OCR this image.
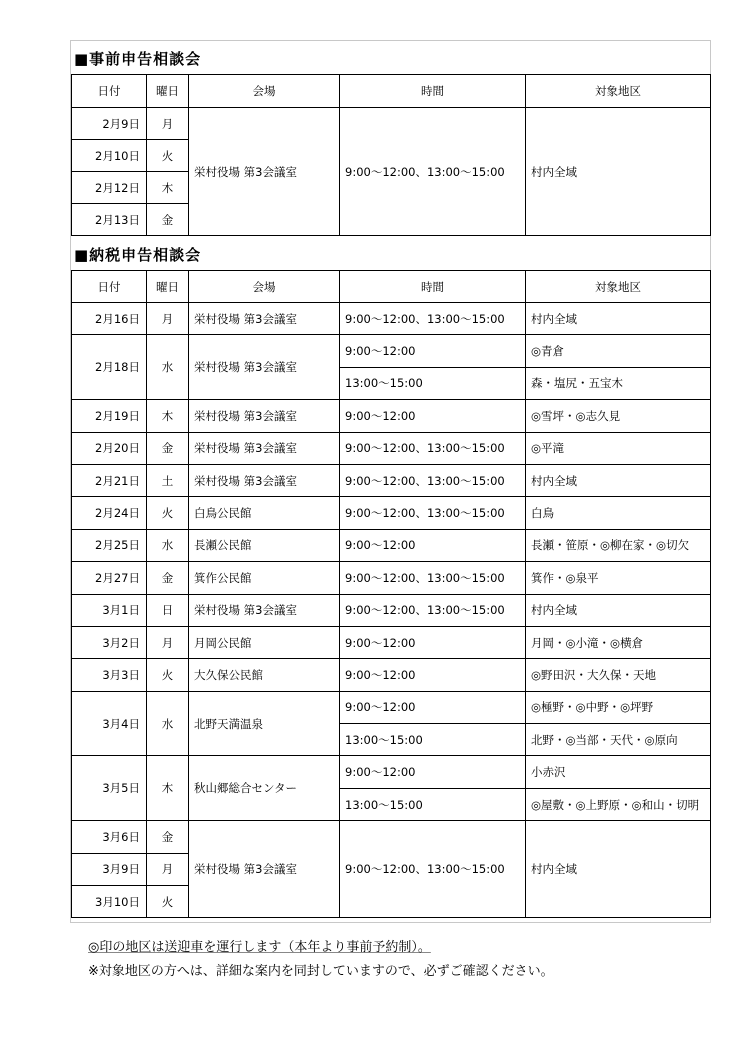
■事前申告相談会
日付	曜日	会場	時間	対象地区
2月9日	月	栄村役場 第3会議室	9:00～12:00、13:00～15:00	村内全域
2月10日	火			
2月12日	木			
2月13日	金			
■納税申告相談会
日付	曜日	会場	時間	対象地区
2月16日	月	栄村役場 第3会議室	9:00～12:00、13:00～15:00	村内全域
2月18日	水	栄村役場 第3会議室	9:00～12:00	◎青倉
			13:00～15:00	森・塩尻・五宝木
2月19日	木	栄村役場 第3会議室	9:00～12:00	◎雪坪・◎志久見
2月20日	金	栄村役場 第3会議室	9:00～12:00、13:00～15:00	◎平滝
2月21日	土	栄村役場 第3会議室	9:00～12:00、13:00～15:00	村内全域
2月24日	火	白鳥公民館	9:00～12:00、13:00～15:00	白鳥
2月25日	水	長瀬公民館	9:00～12:00	長瀬・笹原・◎柳在家・◎切欠
2月27日	金	箕作公民館	9:00～12:00、13:00～15:00	箕作・◎泉平
3月1日	日	栄村役場 第3会議室	9:00～12:00、13:00～15:00	村内全域
3月2日	月	月岡公民館	9:00～12:00	月岡・◎小滝・◎横倉
3月3日	火	大久保公民館	9:00～12:00	◎野田沢・大久保・天地
3月4日	水	北野天満温泉	9:00～12:00	◎極野・◎中野・◎坪野
			13:00～15:00	北野・◎当部・天代・◎原向
3月5日	木	秋山郷総合センター	9:00～12:00	小赤沢
			13:00～15:00	◎屋敷・◎上野原・◎和山・切明
3月6日	金	栄村役場 第3会議室	9:00～12:00、13:00～15:00	村内全域
3月9日	月			
3月10日	火			
◎印の地区は送迎車を運行します（本年より事前予約制）。
※対象地区の方へは、詳細な案内を同封していますので、必ずご確認ください。
